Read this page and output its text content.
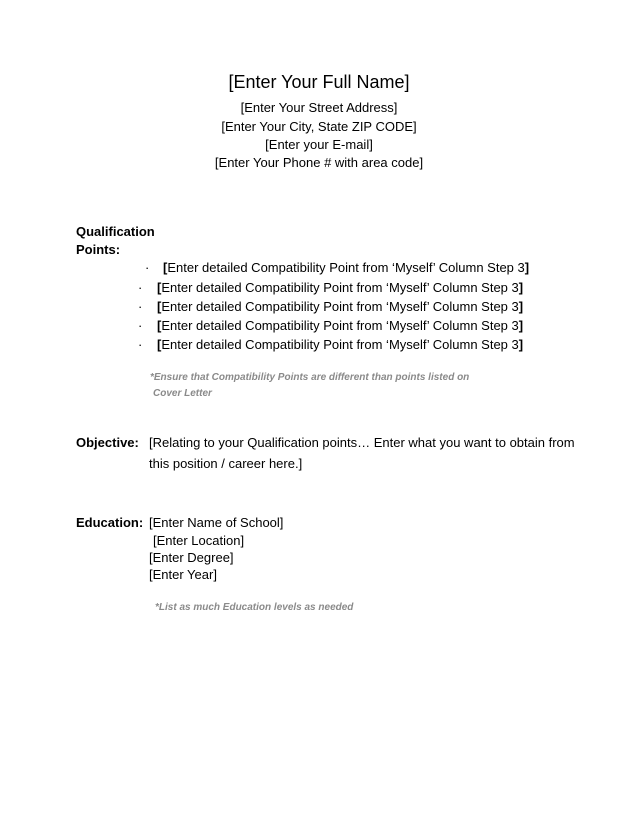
[Enter Your Full Name]
[Enter Your Street Address]
[Enter Your City, State ZIP CODE]
[Enter your E-mail]
[Enter Your Phone # with area code]
Qualification
Points:
· [Enter detailed Compatibility Point from ‘Myself’ Column Step 3]
· [Enter detailed Compatibility Point from ‘Myself’ Column Step 3]
· [Enter detailed Compatibility Point from ‘Myself’ Column Step 3]
· [Enter detailed Compatibility Point from ‘Myself’ Column Step 3]
· [Enter detailed Compatibility Point from ‘Myself’ Column Step 3]
*Ensure that Compatibility Points are different than points listed on
Cover Letter
Objective: [Relating to your Qualification points… Enter what you want to obtain from
this position / career here.]
Education: [Enter Name of School]
[Enter Location]
[Enter Degree]
[Enter Year]
*List as much Education levels as needed
